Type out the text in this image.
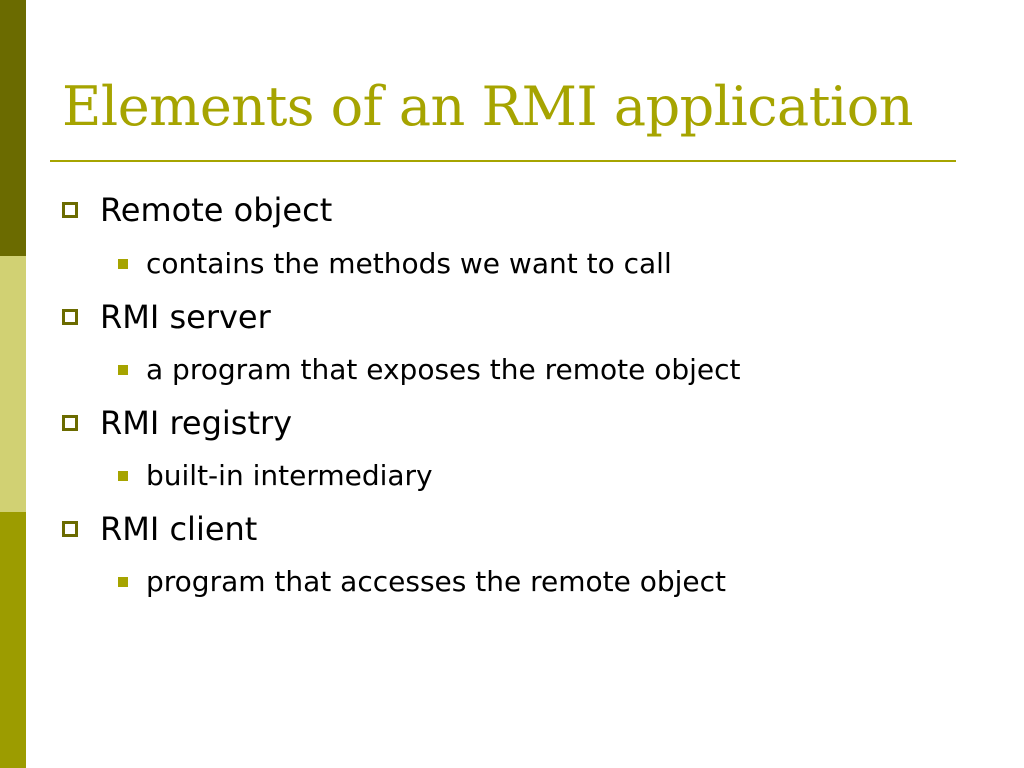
Elements of an RMI application
Remote object
contains the methods we want to call
RMI server
a program that exposes the remote object
RMI registry
built-in intermediary
RMI client
program that accesses the remote object
